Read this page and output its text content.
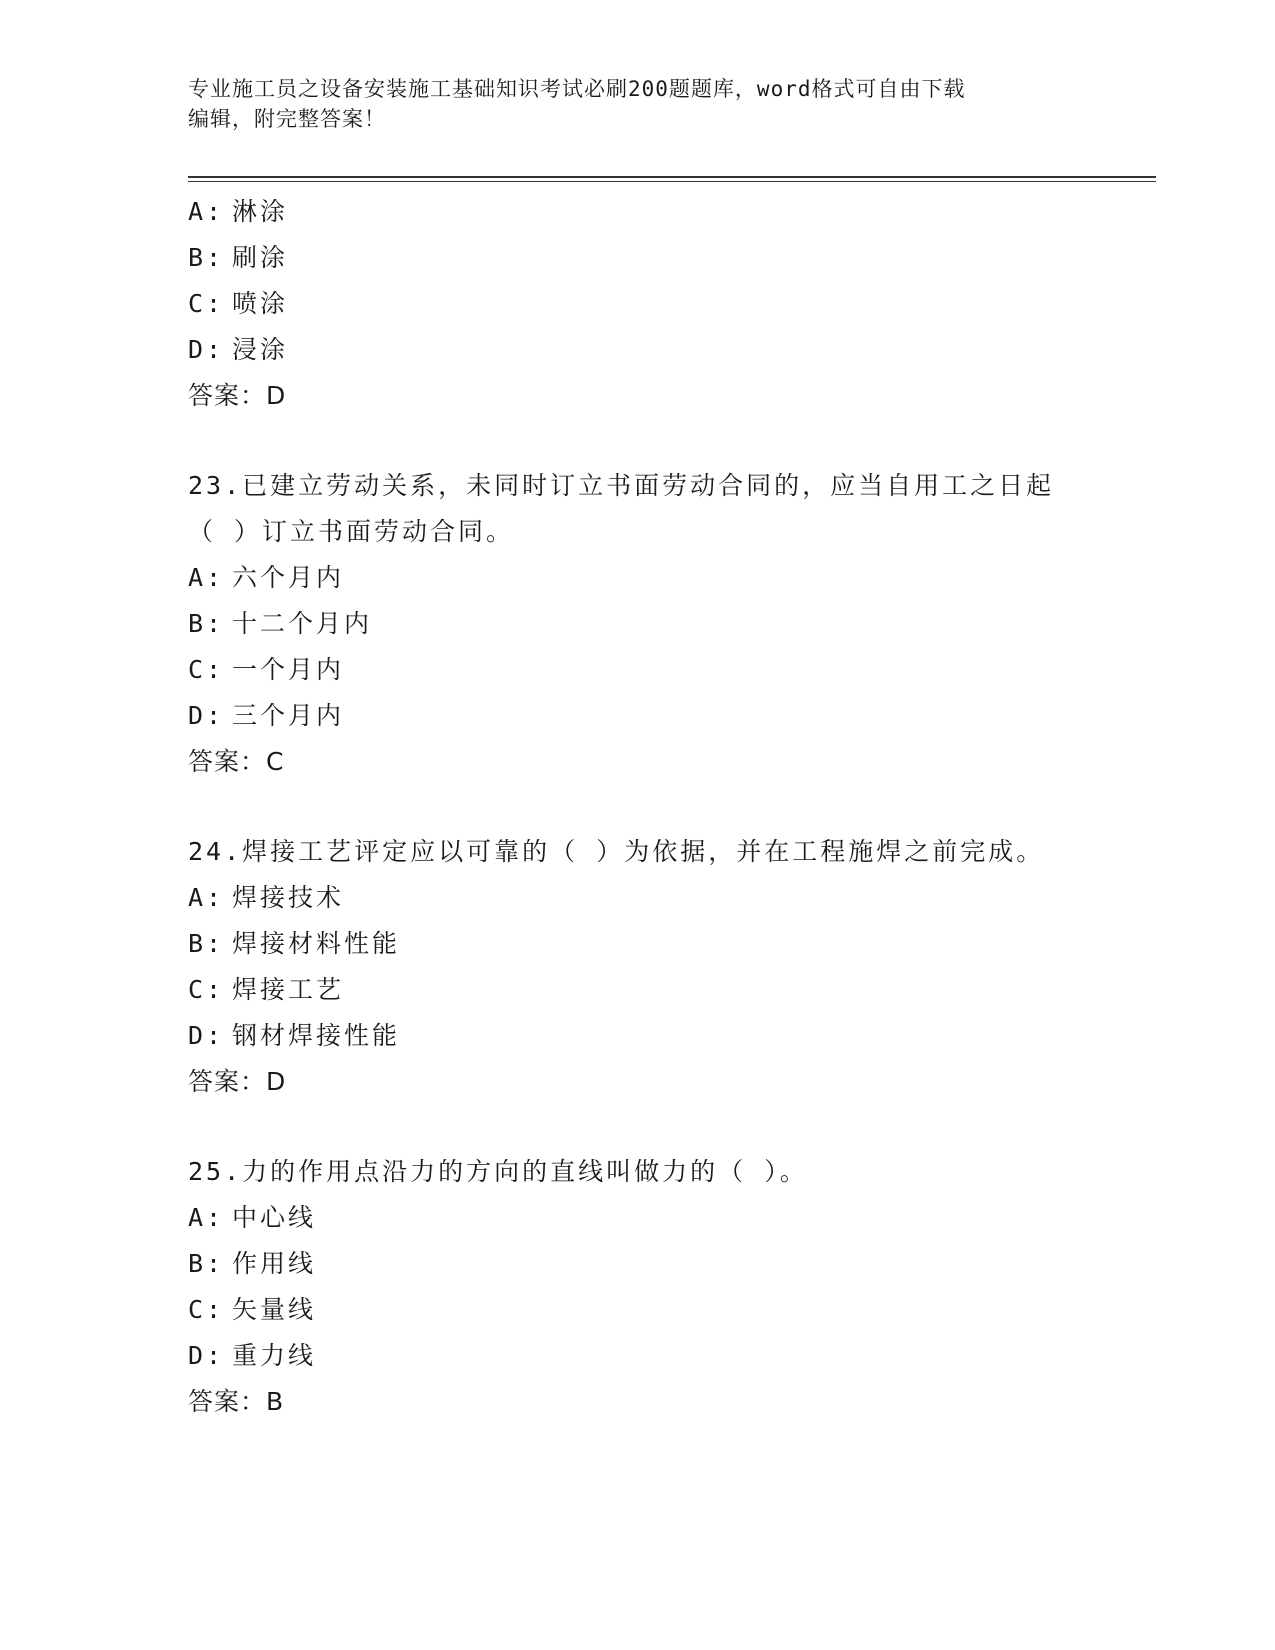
专业施工员之设备安装施工基础知识考试必刷200题题库，word格式可自由下载
编辑，附完整答案！
A: 淋涂
B: 刷涂
C: 喷涂
D: 浸涂
答案：D
23.已建立劳动关系，未同时订立书面劳动合同的，应当自用工之日起
（ ）订立书面劳动合同。
A: 六个月内
B: 十二个月内
C: 一个月内
D: 三个月内
答案：C
24.焊接工艺评定应以可靠的（ ）为依据，并在工程施焊之前完成。
A: 焊接技术
B: 焊接材料性能
C: 焊接工艺
D: 钢材焊接性能
答案：D
25.力的作用点沿力的方向的直线叫做力的（ ）。
A: 中心线
B: 作用线
C: 矢量线
D: 重力线
答案：B
